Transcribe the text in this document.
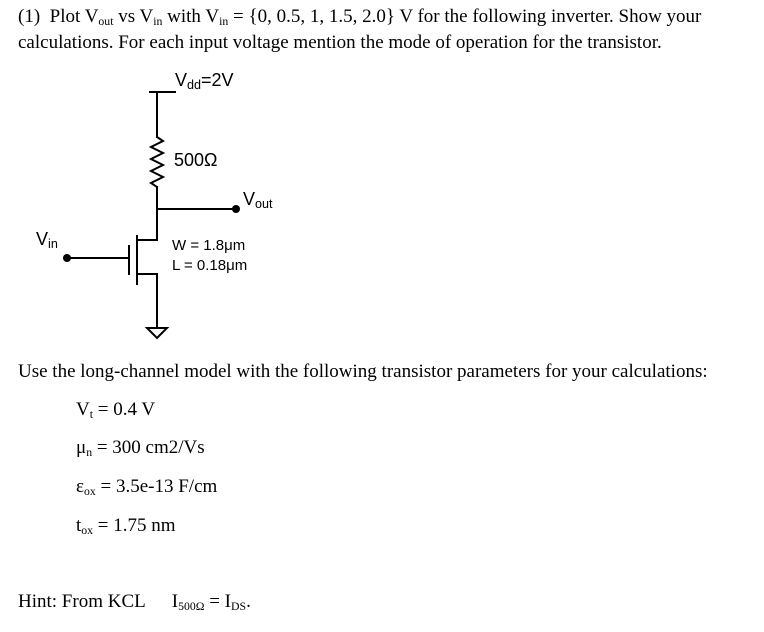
(1) Plot $V_{out}$ vs $V_{in}$ with $V_{in} = \{0$, 0.5, 1, 1.5, 2.0} V for the following inverter. Show your
calculations. For each input voltage mention the mode of operation for the transistor.
$V_{dd}=2V$
500Ω
$V_{out}$
$V_{in}$	W = 1.8μm
L = 0.18μm
Use the long-channel model with the following transistor parameters for your calculations:
$V_t = 0.4$ V
$\mu_n = 300$ cm2/Vs
$\varepsilon_{ox} = 3.5e-13$ F/cm
$t_{ox} = 1.75$ nm
Hint: From KCL $I_{500\Omega} = I_{DS}$.
